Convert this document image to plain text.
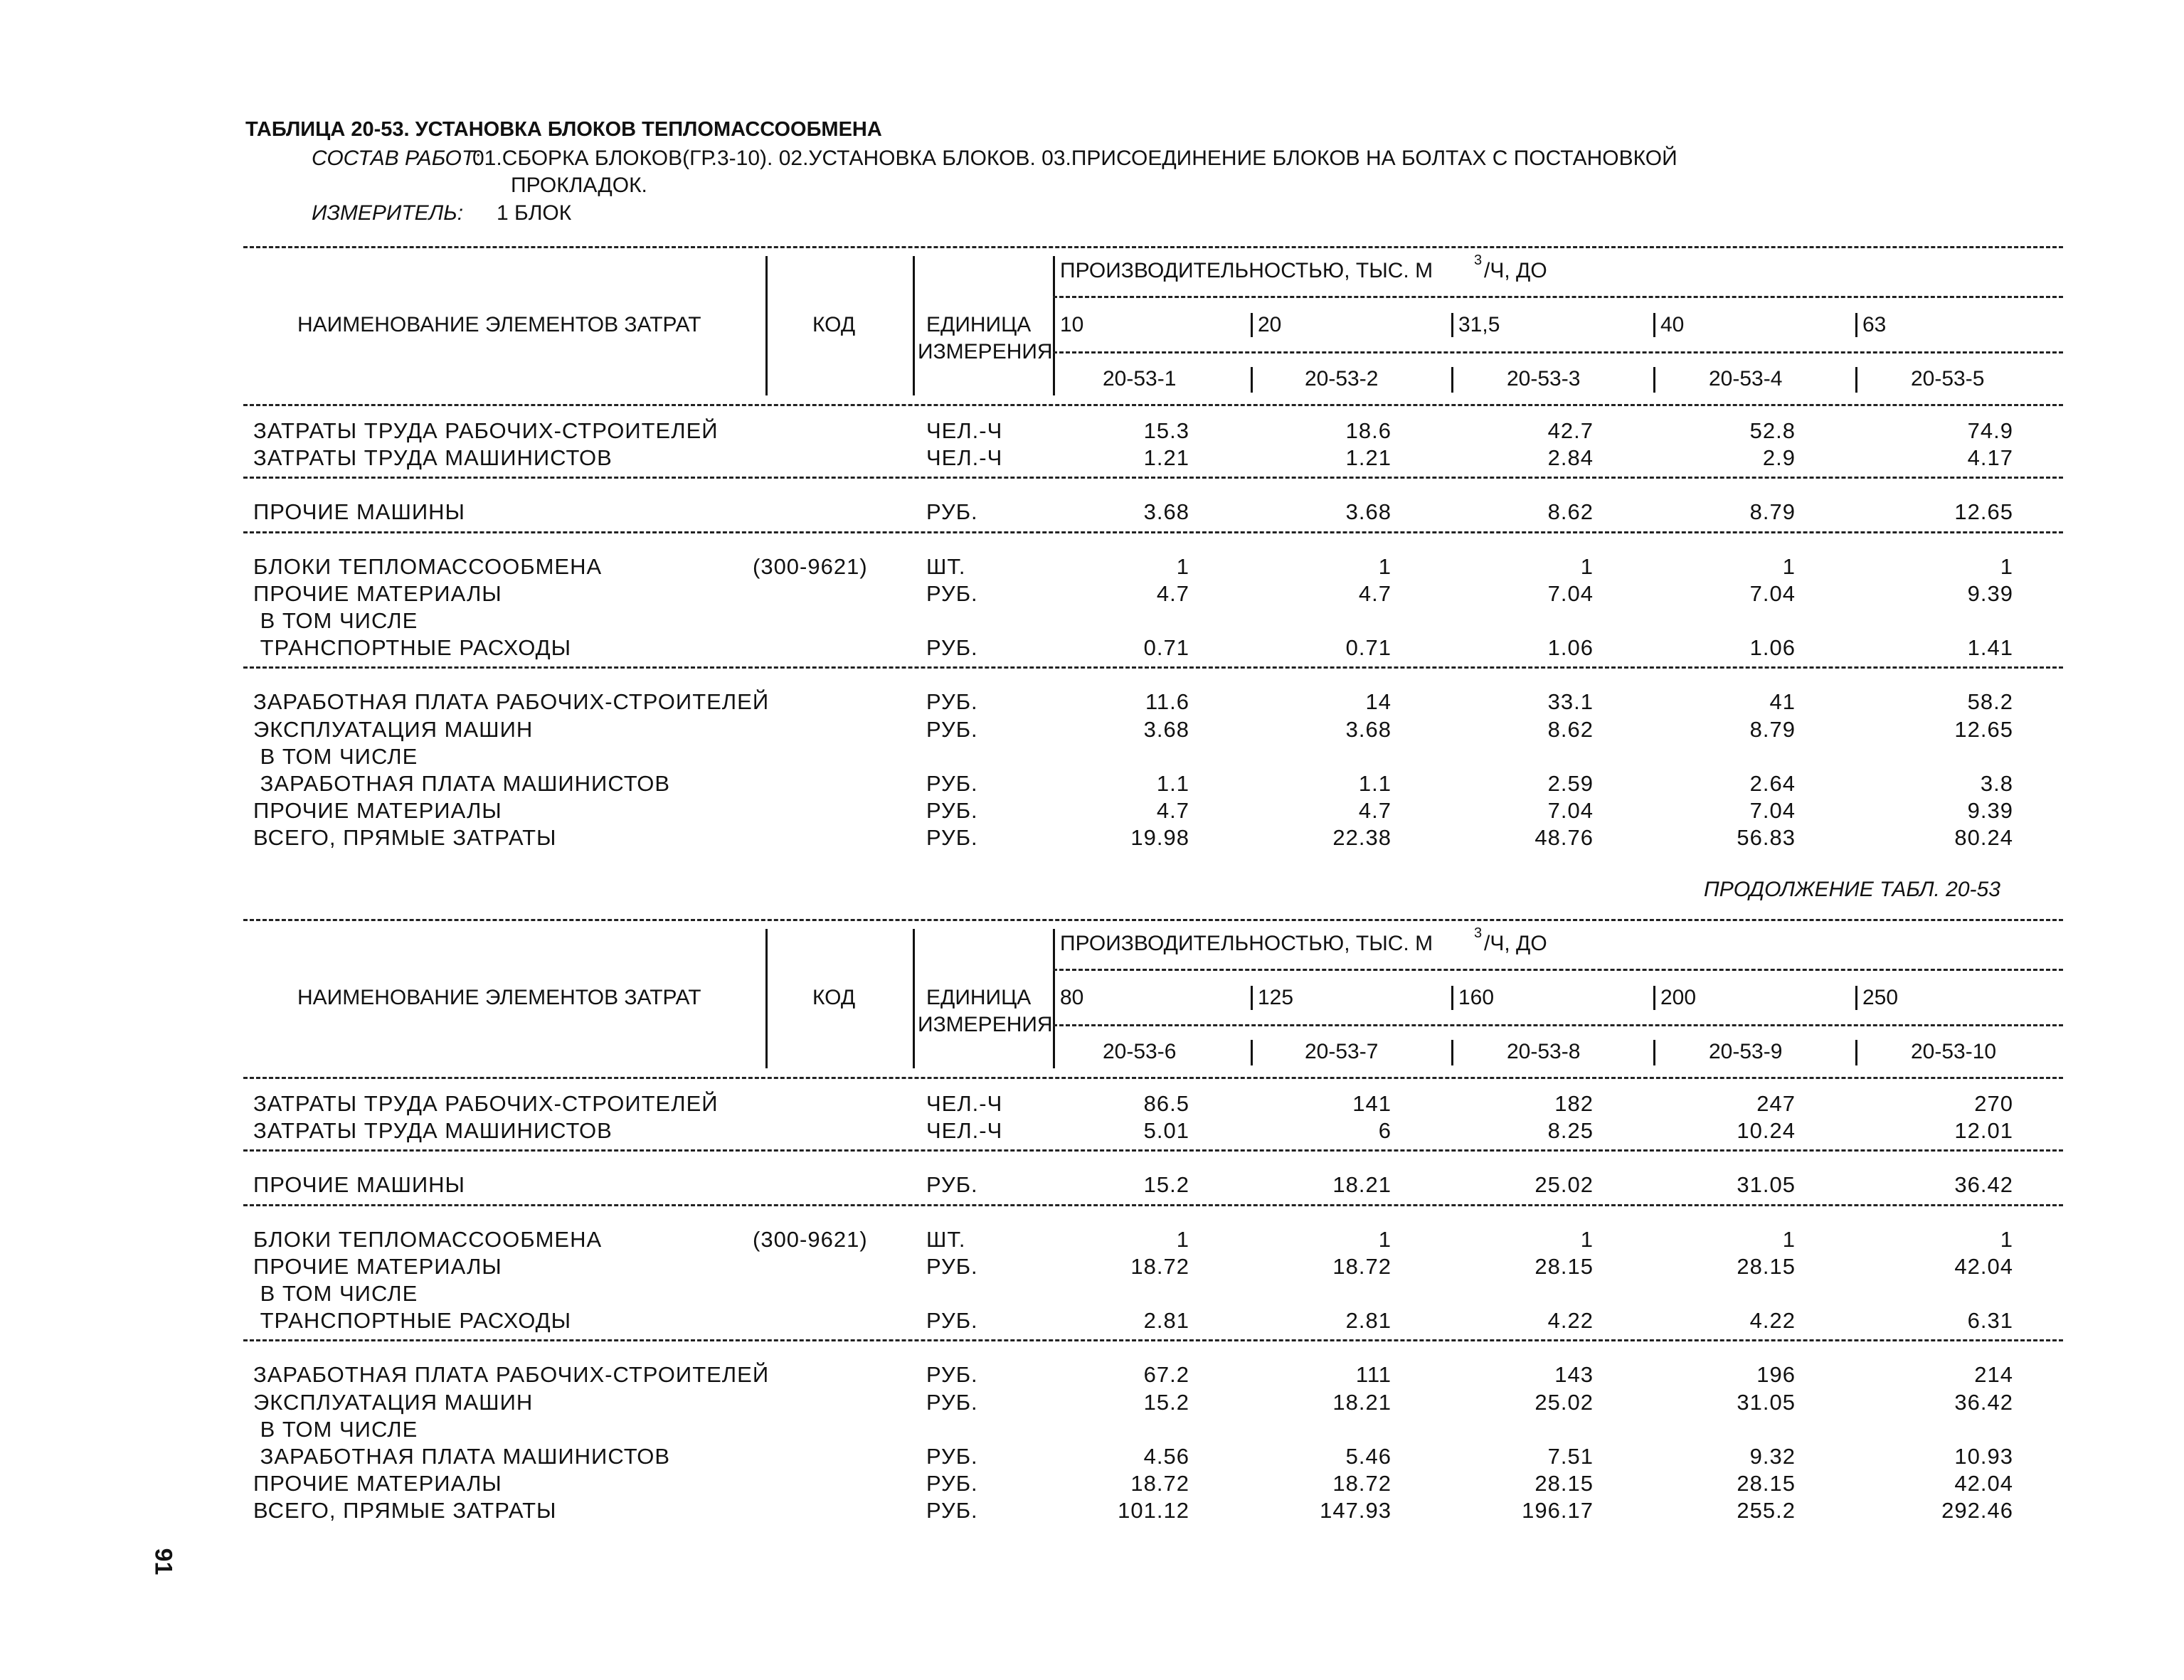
ТАБЛИЦА 20-53. УСТАНОВКА БЛОКОВ ТЕПЛОМАССООБМЕНА
СОСТАВ РАБОТ:
01.СБОРКА БЛОКОВ(ГР.3-10). 02.УСТАНОВКА БЛОКОВ. 03.ПРИСОЕДИНЕНИЕ БЛОКОВ НА БОЛТАХ С ПОСТАНОВКОЙ
ПРОКЛАДОК.
ИЗМЕРИТЕЛЬ: 1 БЛОК
ПРОДОЛЖЕНИЕ ТАБЛ. 20-53
91
ПРОИЗВОДИТЕЛЬНОСТЬЮ, ТЫС. М	3 /Ч, ДО
НАИМЕНОВАНИЕ ЭЛЕМЕНТОВ ЗАТРАТ	КОД	ЕДИНИЦА
ИЗМЕРЕНИЯ
10	20	31,5	40	63
20-53-1	20-53-2	20-53-3	20-53-4	20-53-5
ЗАТРАТЫ ТРУДА РАБОЧИХ-СТРОИТЕЛЕЙ	ЧЕЛ.-Ч	15.3	18.6	42.7	52.8	74.9
ЗАТРАТЫ ТРУДА МАШИНИСТОВ	ЧЕЛ.-Ч	1.21	1.21	2.84	2.9	4.17
ПРОЧИЕ МАШИНЫ	РУБ.	3.68	3.68	8.62	8.79	12.65
БЛОКИ ТЕПЛОМАССООБМЕНА	(300-9621)	ШТ.	1	1	1	1	1
ПРОЧИЕ МАТЕРИАЛЫ	РУБ.	4.7	4.7	7.04	7.04	9.39
В ТОМ ЧИСЛЕ
ТРАНСПОРТНЫЕ РАСХОДЫ	РУБ.	0.71	0.71	1.06	1.06	1.41
ЗАРАБОТНАЯ ПЛАТА РАБОЧИХ-СТРОИТЕЛЕЙ	РУБ.	11.6	14	33.1	41	58.2
ЭКСПЛУАТАЦИЯ МАШИН	РУБ.	3.68	3.68	8.62	8.79	12.65
В ТОМ ЧИСЛЕ
ЗАРАБОТНАЯ ПЛАТА МАШИНИСТОВ	РУБ.	1.1	1.1	2.59	2.64	3.8
ПРОЧИЕ МАТЕРИАЛЫ	РУБ.	4.7	4.7	7.04	7.04	9.39
ВСЕГО, ПРЯМЫЕ ЗАТРАТЫ	РУБ.	19.98	22.38	48.76	56.83	80.24
ПРОИЗВОДИТЕЛЬНОСТЬЮ, ТЫС. М	3 /Ч, ДО
НАИМЕНОВАНИЕ ЭЛЕМЕНТОВ ЗАТРАТ	КОД	ЕДИНИЦА
ИЗМЕРЕНИЯ
80	125	160	200	250
20-53-6	20-53-7	20-53-8	20-53-9	20-53-10
ЗАТРАТЫ ТРУДА РАБОЧИХ-СТРОИТЕЛЕЙ	ЧЕЛ.-Ч	86.5	141	182	247	270
ЗАТРАТЫ ТРУДА МАШИНИСТОВ	ЧЕЛ.-Ч	5.01	6	8.25	10.24	12.01
ПРОЧИЕ МАШИНЫ	РУБ.	15.2	18.21	25.02	31.05	36.42
БЛОКИ ТЕПЛОМАССООБМЕНА	(300-9621)	ШТ.	1	1	1	1	1
ПРОЧИЕ МАТЕРИАЛЫ	РУБ.	18.72	18.72	28.15	28.15	42.04
В ТОМ ЧИСЛЕ
ТРАНСПОРТНЫЕ РАСХОДЫ	РУБ.	2.81	2.81	4.22	4.22	6.31
ЗАРАБОТНАЯ ПЛАТА РАБОЧИХ-СТРОИТЕЛЕЙ	РУБ.	67.2	111	143	196	214
ЭКСПЛУАТАЦИЯ МАШИН	РУБ.	15.2	18.21	25.02	31.05	36.42
В ТОМ ЧИСЛЕ
ЗАРАБОТНАЯ ПЛАТА МАШИНИСТОВ	РУБ.	4.56	5.46	7.51	9.32	10.93
ПРОЧИЕ МАТЕРИАЛЫ	РУБ.	18.72	18.72	28.15	28.15	42.04
ВСЕГО, ПРЯМЫЕ ЗАТРАТЫ	РУБ.	101.12	147.93	196.17	255.2	292.46
